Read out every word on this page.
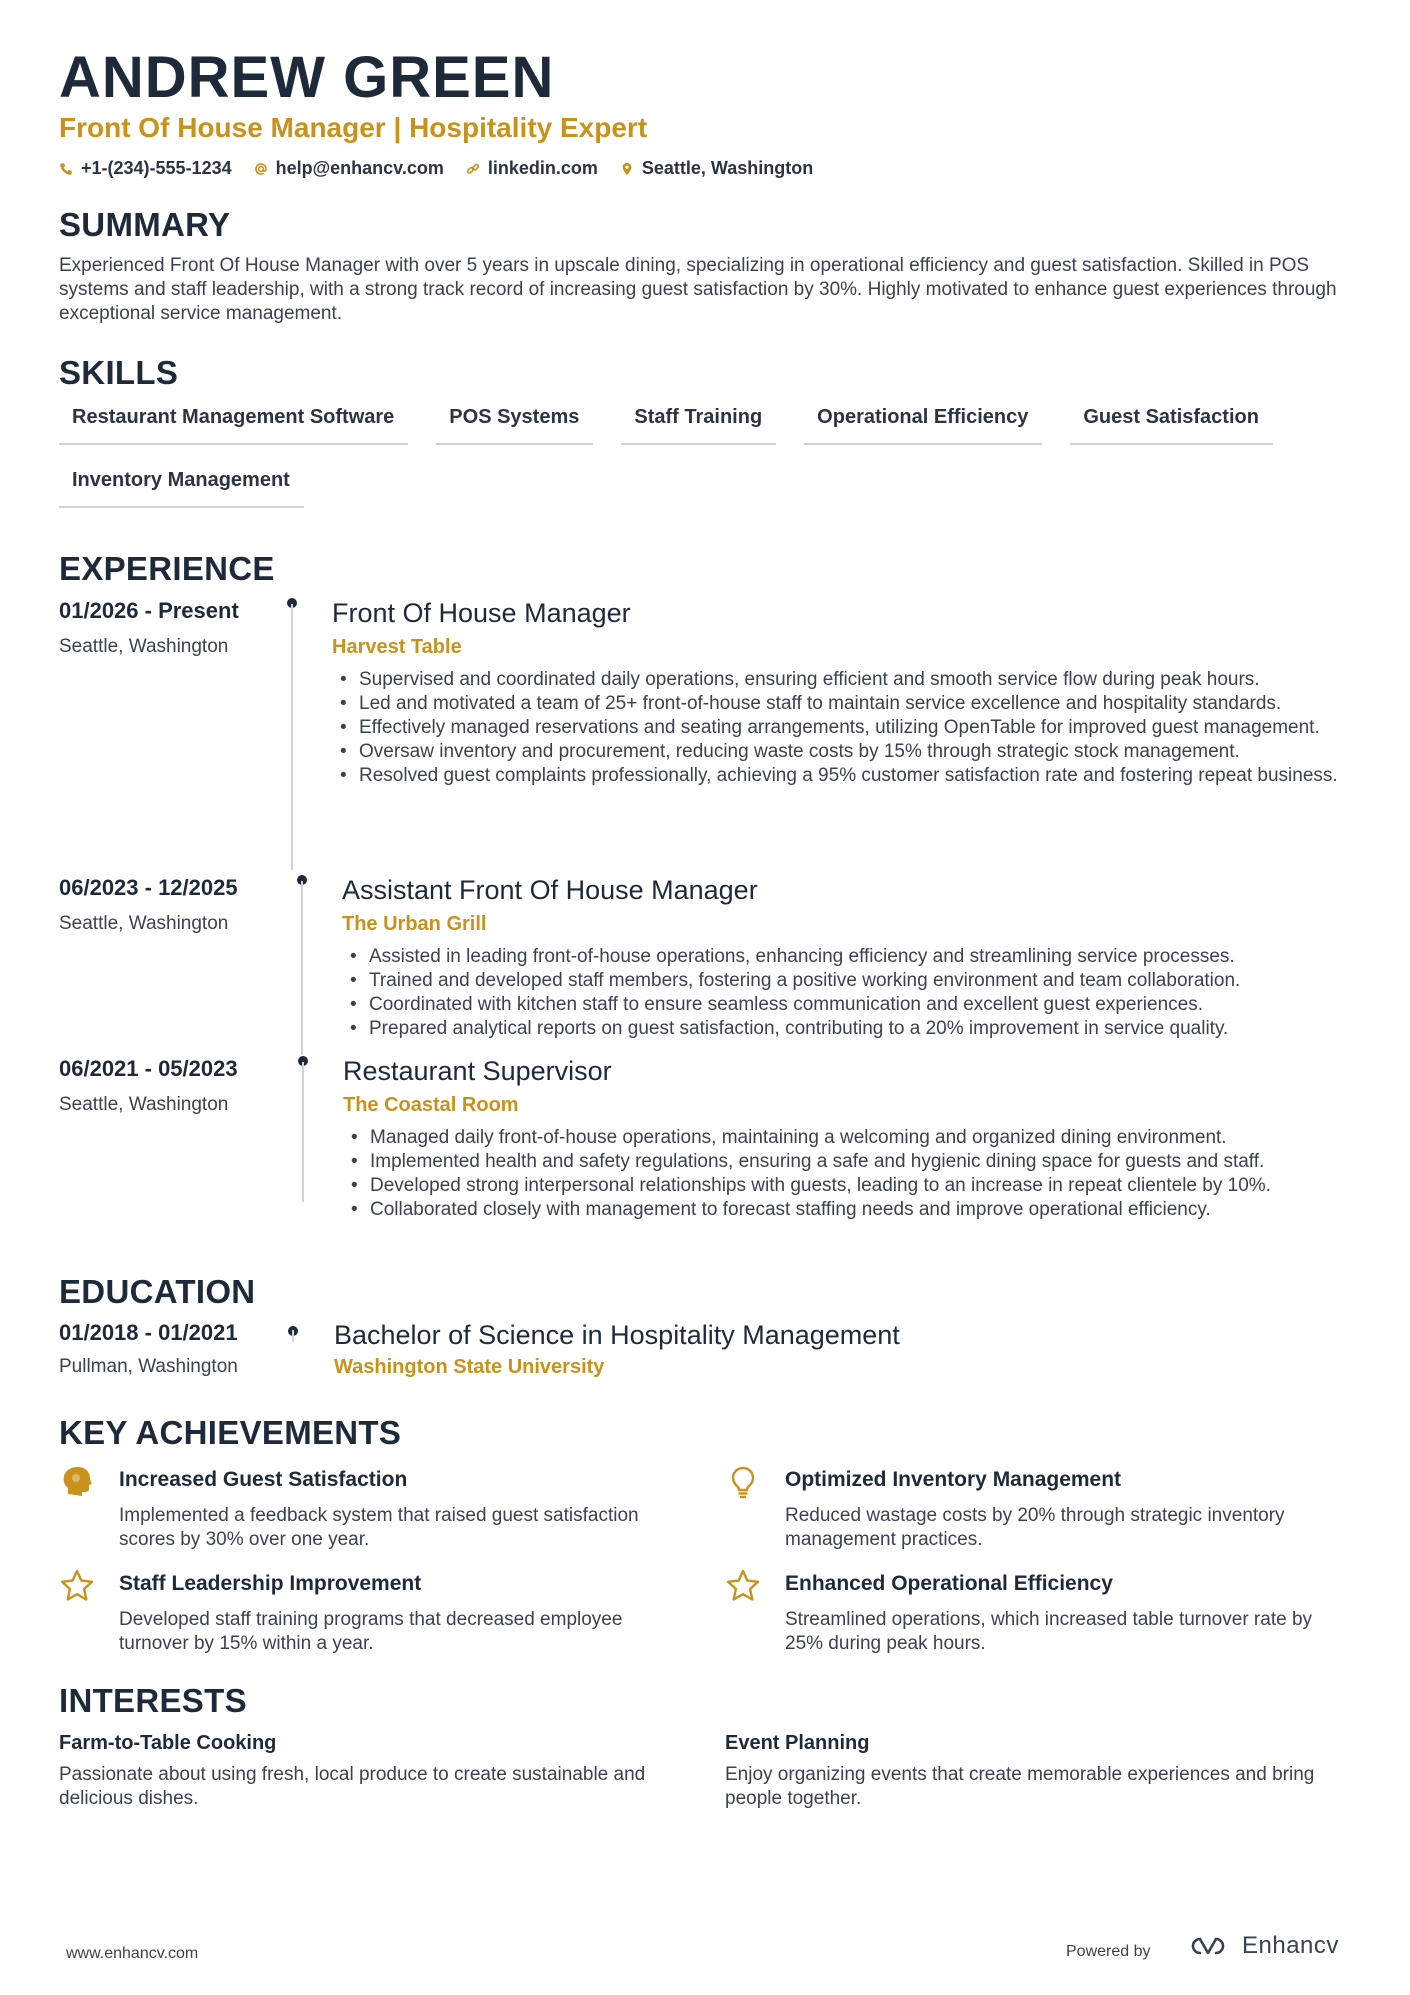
ANDREW GREEN
Front Of House Manager | Hospitality Expert
+1-(234)-555-1234 help@enhancv.com linkedin.com Seattle, Washington
SUMMARY
Experienced Front Of House Manager with over 5 years in upscale dining, specializing in operational efficiency and guest satisfaction. Skilled in POS systems and staff leadership, with a strong track record of increasing guest satisfaction by 30%. Highly motivated to enhance guest experiences through exceptional service management.
SKILLS
Restaurant Management Software	POS Systems	Staff Training	Operational Efficiency	Guest Satisfaction
Inventory Management
EXPERIENCE
01/2026 - Present
Seattle, Washington
Front Of House Manager
Harvest Table
• Supervised and coordinated daily operations, ensuring efficient and smooth service flow during peak hours.
• Led and motivated a team of 25+ front-of-house staff to maintain service excellence and hospitality standards.
• Effectively managed reservations and seating arrangements, utilizing OpenTable for improved guest management.
• Oversaw inventory and procurement, reducing waste costs by 15% through strategic stock management.
• Resolved guest complaints professionally, achieving a 95% customer satisfaction rate and fostering repeat business.
06/2023 - 12/2025
Seattle, Washington
Assistant Front Of House Manager
The Urban Grill
• Assisted in leading front-of-house operations, enhancing efficiency and streamlining service processes.
• Trained and developed staff members, fostering a positive working environment and team collaboration.
• Coordinated with kitchen staff to ensure seamless communication and excellent guest experiences.
• Prepared analytical reports on guest satisfaction, contributing to a 20% improvement in service quality.
06/2021 - 05/2023
Seattle, Washington
Restaurant Supervisor
The Coastal Room
• Managed daily front-of-house operations, maintaining a welcoming and organized dining environment.
• Implemented health and safety regulations, ensuring a safe and hygienic dining space for guests and staff.
• Developed strong interpersonal relationships with guests, leading to an increase in repeat clientele by 10%.
• Collaborated closely with management to forecast staffing needs and improve operational efficiency.
EDUCATION
01/2018 - 01/2021
Pullman, Washington
Bachelor of Science in Hospitality Management
Washington State University
KEY ACHIEVEMENTS
Increased Guest Satisfaction
Implemented a feedback system that raised guest satisfaction scores by 30% over one year.
Optimized Inventory Management
Reduced wastage costs by 20% through strategic inventory management practices.
Staff Leadership Improvement
Developed staff training programs that decreased employee turnover by 15% within a year.
Enhanced Operational Efficiency
Streamlined operations, which increased table turnover rate by 25% during peak hours.
INTERESTS
Farm-to-Table Cooking
Passionate about using fresh, local produce to create sustainable and delicious dishes.
Event Planning
Enjoy organizing events that create memorable experiences and bring people together.
www.enhancv.com	Powered by	Enhancv
